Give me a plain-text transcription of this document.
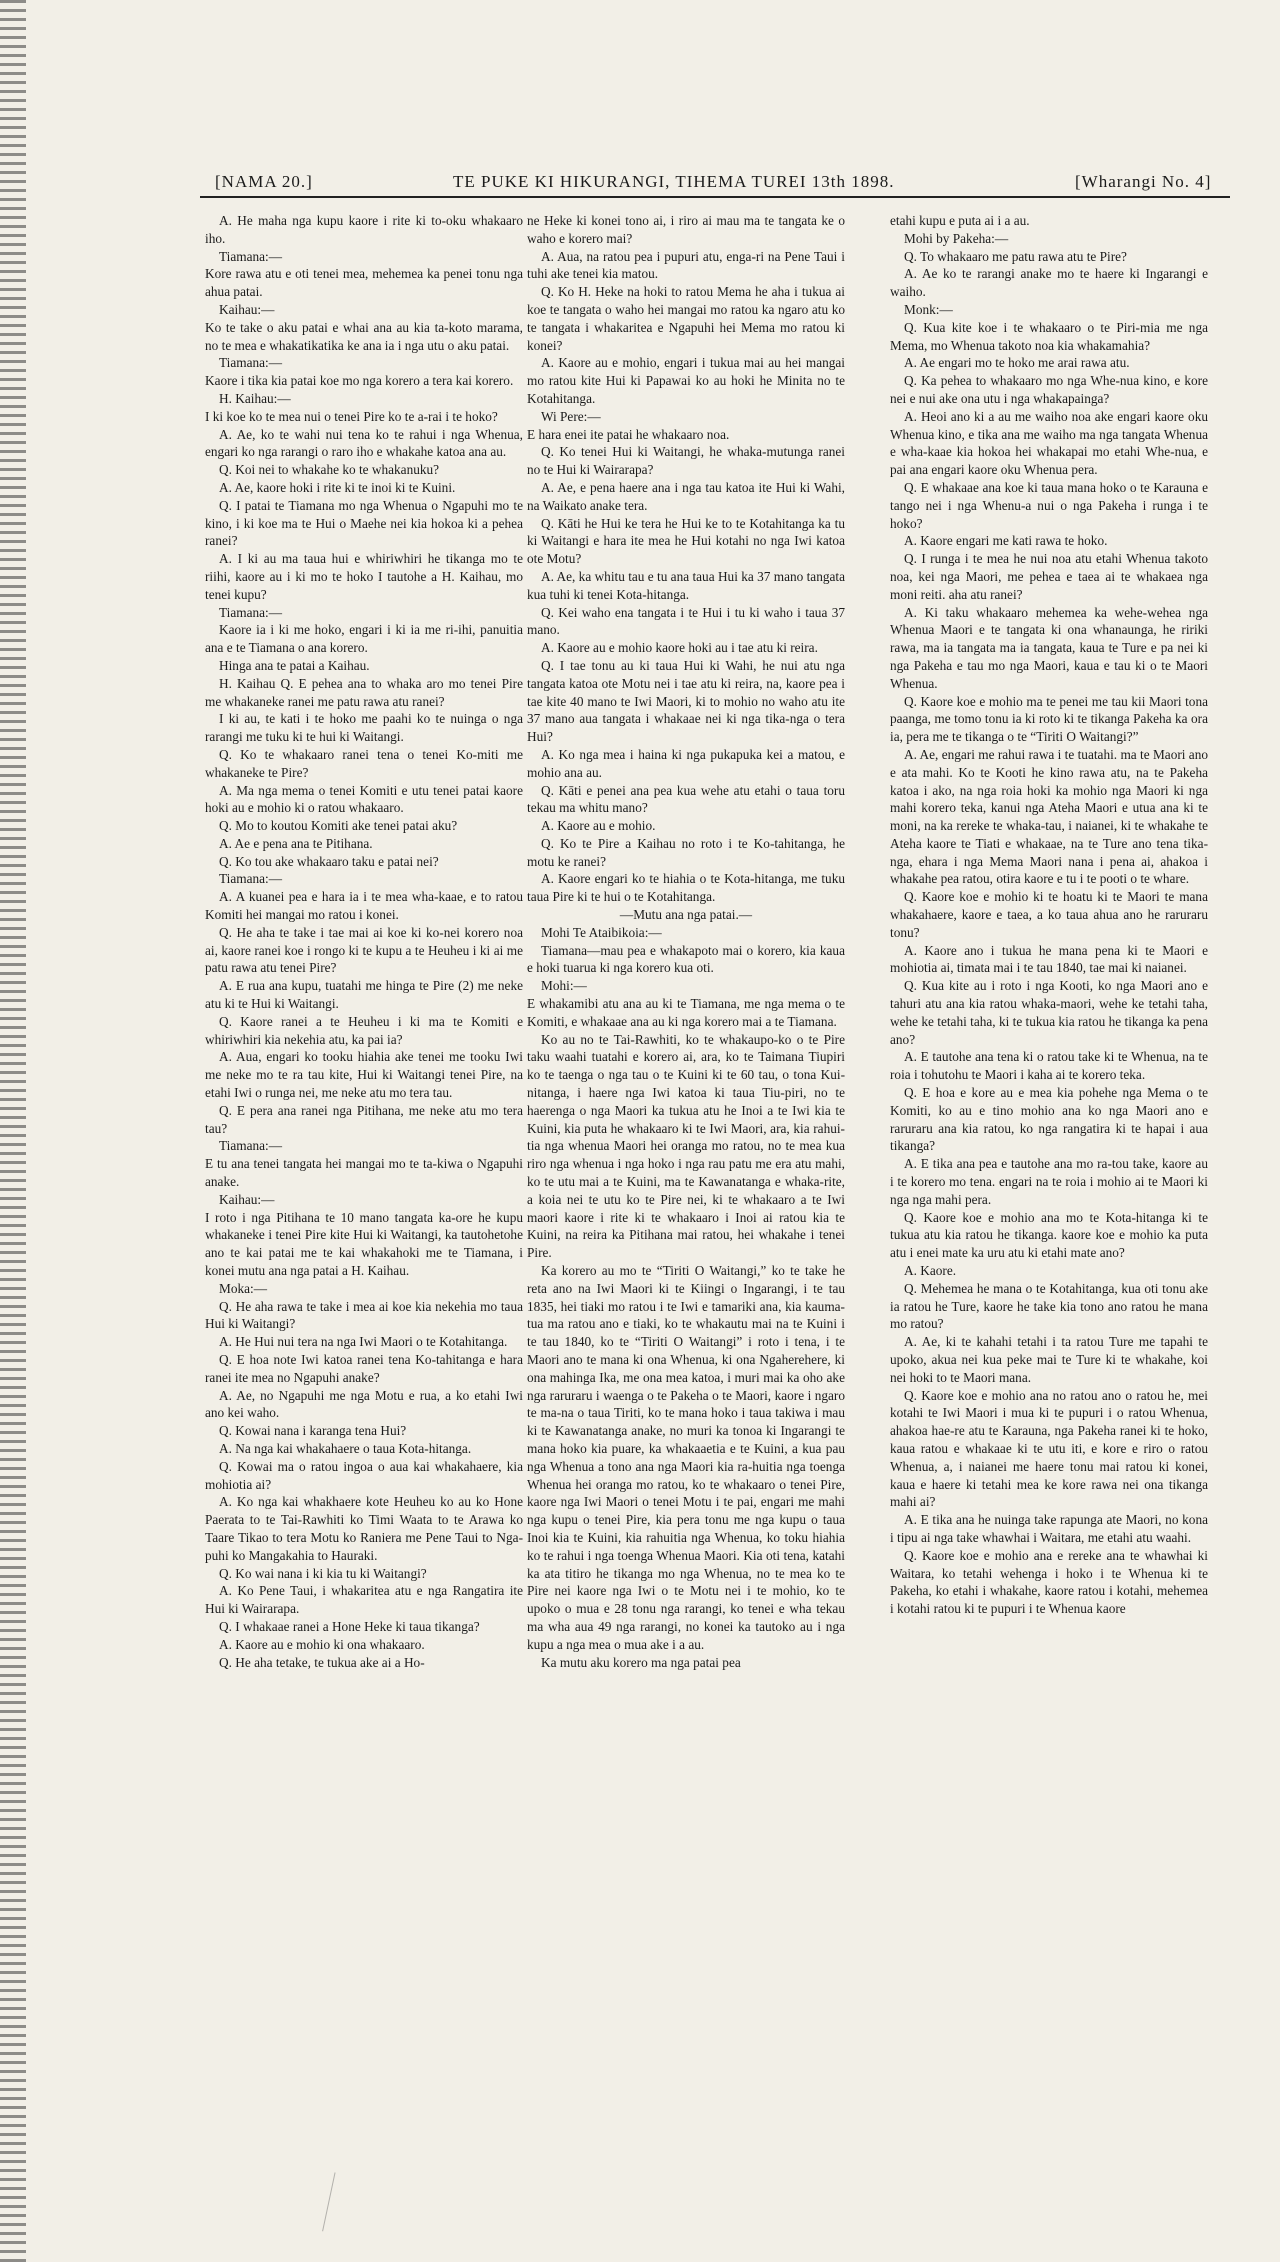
[NAMA 20.]	TE PUKE KI HIKURANGI, TIHEMA TUREI 13th 1898.	[Wharangi No. 4]

A. He maha nga kupu kaore i rite ki to-oku whakaaro iho.

Tiamana:—

Kore rawa atu e oti tenei mea, mehemea ka penei tonu nga ahua patai.

Kaihau:—

Ko te take o aku patai e whai ana au kia ta-koto marama, no te mea e whakatikatika ke ana ia i nga utu o aku patai.

Tiamana:—

Kaore i tika kia patai koe mo nga korero a tera kai korero.

H. Kaihau:—

I ki koe ko te mea nui o tenei Pire ko te a-rai i te hoko?

A. Ae, ko te wahi nui tena ko te rahui i nga Whenua, engari ko nga rarangi o raro iho e whakahe katoa ana au.

Q. Koi nei to whakahe ko te whakanuku?

A. Ae, kaore hoki i rite ki te inoi ki te Kuini.

Q. I patai te Tiamana mo nga Whenua o Ngapuhi mo te kino, i ki koe ma te Hui o Maehe nei kia hokoa ki a pehea ranei?

A. I ki au ma taua hui e whiriwhiri he tikanga mo te riihi, kaore au i ki mo te hoko I tautohe a H. Kaihau, mo tenei kupu?

Tiamana:—

Kaore ia i ki me hoko, engari i ki ia me ri-ihi, panuitia ana e te Tiamana o ana korero.

Hinga ana te patai a Kaihau.

H. Kaihau Q. E pehea ana to whaka aro mo tenei Pire me whakaneke ranei me patu rawa atu ranei?

I ki au, te kati i te hoko me paahi ko te nuinga o nga rarangi me tuku ki te hui ki Waitangi.

Q. Ko te whakaaro ranei tena o tenei Ko-miti me whakaneke te Pire?

A. Ma nga mema o tenei Komiti e utu tenei patai kaore hoki au e mohio ki o ratou whakaaro.

Q. Mo to koutou Komiti ake tenei patai aku?

A. Ae e pena ana te Pitihana.

Q. Ko tou ake whakaaro taku e patai nei?

Tiamana:—

A. A kuanei pea e hara ia i te mea wha-kaae, e to ratou Komiti hei mangai mo ratou i konei.

Q. He aha te take i tae mai ai koe ki ko-nei korero noa ai, kaore ranei koe i rongo ki te kupu a te Heuheu i ki ai me patu rawa atu tenei Pire?

A. E rua ana kupu, tuatahi me hinga te Pire (2) me neke atu ki te Hui ki Waitangi.

Q. Kaore ranei a te Heuheu i ki ma te Komiti e whiriwhiri kia nekehia atu, ka pai ia?

A. Aua, engari ko tooku hiahia ake tenei me tooku Iwi me neke mo te ra tau kite, Hui ki Waitangi tenei Pire, na etahi Iwi o runga nei, me neke atu mo tera tau.

Q. E pera ana ranei nga Pitihana, me neke atu mo tera tau?

Tiamana:—

E tu ana tenei tangata hei mangai mo te ta-kiwa o Ngapuhi anake.

Kaihau:—

I roto i nga Pitihana te 10 mano tangata ka-ore he kupu whakaneke i tenei Pire kite Hui ki Waitangi, ka tautohetohe ano te kai patai me te kai whakahoki me te Tiamana, i konei mutu ana nga patai a H. Kaihau.

Moka:—

Q. He aha rawa te take i mea ai koe kia nekehia mo taua Hui ki Waitangi?

A. He Hui nui tera na nga Iwi Maori o te Kotahitanga.

Q. E hoa note Iwi katoa ranei tena Ko-tahitanga e hara ranei ite mea no Ngapuhi anake?

A. Ae, no Ngapuhi me nga Motu e rua, a ko etahi Iwi ano kei waho.

Q. Kowai nana i karanga tena Hui?

A. Na nga kai whakahaere o taua Kota-hitanga.

Q. Kowai ma o ratou ingoa o aua kai whakahaere, kia mohiotia ai?

A. Ko nga kai whakhaere kote Heuheu ko au ko Hone Paerata to te Tai-Rawhiti ko Timi Waata to te Arawa ko Taare Tikao to tera Motu ko Raniera me Pene Taui to Nga-puhi ko Mangakahia to Hauraki.

Q. Ko wai nana i ki kia tu ki Waitangi?

A. Ko Pene Taui, i whakaritea atu e nga Rangatira ite Hui ki Wairarapa.

Q. I whakaae ranei a Hone Heke ki taua tikanga?

A. Kaore au e mohio ki ona whakaaro.

Q. He aha tetake, te tukua ake ai a Ho-

ne Heke ki konei tono ai, i riro ai mau ma te tangata ke o waho e korero mai?

A. Aua, na ratou pea i pupuri atu, enga-ri na Pene Taui i tuhi ake tenei kia matou.

Q. Ko H. Heke na hoki to ratou Mema he aha i tukua ai koe te tangata o waho hei mangai mo ratou ka ngaro atu ko te tangata i whakaritea e Ngapuhi hei Mema mo ratou ki konei?

A. Kaore au e mohio, engari i tukua mai au hei mangai mo ratou kite Hui ki Papawai ko au hoki he Minita no te Kotahitanga.

Wi Pere:—

E hara enei ite patai he whakaaro noa.

Q. Ko tenei Hui ki Waitangi, he whaka-mutunga ranei no te Hui ki Wairarapa?

A. Ae, e pena haere ana i nga tau katoa ite Hui ki Wahi, na Waikato anake tera.

Q. Kāti he Hui ke tera he Hui ke to te Kotahitanga ka tu ki Waitangi e hara ite mea he Hui kotahi no nga Iwi katoa ote Motu?

A. Ae, ka whitu tau e tu ana taua Hui ka 37 mano tangata kua tuhi ki tenei Kota-hitanga.

Q. Kei waho ena tangata i te Hui i tu ki waho i taua 37 mano.

A. Kaore au e mohio kaore hoki au i tae atu ki reira.

Q. I tae tonu au ki taua Hui ki Wahi, he nui atu nga tangata katoa ote Motu nei i tae atu ki reira, na, kaore pea i tae kite 40 mano te Iwi Maori, ki to mohio no waho atu ite 37 mano aua tangata i whakaae nei ki nga tika-nga o tera Hui?

A. Ko nga mea i haina ki nga pukapuka kei a matou, e mohio ana au.

Q. Kāti e penei ana pea kua wehe atu etahi o taua toru tekau ma whitu mano?

A. Kaore au e mohio.

Q. Ko te Pire a Kaihau no roto i te Ko-tahitanga, he motu ke ranei?

A. Kaore engari ko te hiahia o te Kota-hitanga, me tuku taua Pire ki te hui o te Kotahitanga.

—Mutu ana nga patai.—

Mohi Te Ataibikoia:—

Tiamana—mau pea e whakapoto mai o korero, kia kaua e hoki tuarua ki nga korero kua oti.

Mohi:—

E whakamibi atu ana au ki te Tiamana, me nga mema o te Komiti, e whakaae ana au ki nga korero mai a te Tiamana.

Ko au no te Tai-Rawhiti, ko te whakaupo-ko o te Pire taku waahi tuatahi e korero ai, ara, ko te Taimana Tiupiri ko te taenga o nga tau o te Kuini ki te 60 tau, o tona Kui-nitanga, i haere nga Iwi katoa ki taua Tiu-piri, no te haerenga o nga Maori ka tukua atu he Inoi a te Iwi kia te Kuini, kia puta he whakaaro ki te Iwi Maori, ara, kia rahui-tia nga whenua Maori hei oranga mo ratou, no te mea kua riro nga whenua i nga hoko i nga rau patu me era atu mahi, ko te utu mai a te Kuini, ma te Kawanatanga e whaka-rite, a koia nei te utu ko te Pire nei, ki te whakaaro a te Iwi maori kaore i rite ki te whakaaro i Inoi ai ratou kia te Kuini, na reira ka Pitihana mai ratou, hei whakahe i tenei Pire.

Ka korero au mo te “Tiriti O Waitangi,” ko te take he reta ano na Iwi Maori ki te Kiingi o Ingarangi, i te tau 1835, hei tiaki mo ratou i te Iwi e tamariki ana, kia kauma-tua ma ratou ano e tiaki, ko te whakautu mai na te Kuini i te tau 1840, ko te “Tiriti O Waitangi” i roto i tena, i te Maori ano te mana ki ona Whenua, ki ona Ngaherehere, ki ona mahinga Ika, me ona mea katoa, i muri mai ka oho ake nga raruraru i waenga o te Pakeha o te Maori, kaore i ngaro te ma-na o taua Tiriti, ko te mana hoko i taua takiwa i mau ki te Kawanatanga anake, no muri ka tonoa ki Ingarangi te mana hoko kia puare, ka whakaaetia e te Kuini, a kua pau nga Whenua a tono ana nga Maori kia ra-huitia nga toenga Whenua hei oranga mo ratou, ko te whakaaro o tenei Pire, kaore nga Iwi Maori o tenei Motu i te pai, engari me mahi nga kupu o tenei Pire, kia pera tonu me nga kupu o taua Inoi kia te Kuini, kia rahuitia nga Whenua, ko toku hiahia ko te rahui i nga toenga Whenua Maori. Kia oti tena, katahi ka ata titiro he tikanga mo nga Whenua, no te mea ko te Pire nei kaore nga Iwi o te Motu nei i te mohio, ko te upoko o mua e 28 tonu nga rarangi, ko tenei e wha tekau ma wha aua 49 nga rarangi, no konei ka tautoko au i nga kupu a nga mea o mua ake i a au.

Ka mutu aku korero ma nga patai pea

etahi kupu e puta ai i a au.

Mohi by Pakeha:—

Q. To whakaaro me patu rawa atu te Pire?

A. Ae ko te rarangi anake mo te haere ki Ingarangi e waiho.

Monk:—

Q. Kua kite koe i te whakaaro o te Piri-mia me nga Mema, mo Whenua takoto noa kia whakamahia?

A. Ae engari mo te hoko me arai rawa atu.

Q. Ka pehea to whakaaro mo nga Whe-nua kino, e kore nei e nui ake ona utu i nga whakapainga?

A. Heoi ano ki a au me waiho noa ake engari kaore oku Whenua kino, e tika ana me waiho ma nga tangata Whenua e wha-kaae kia hokoa hei whakapai mo etahi Whe-nua, e pai ana engari kaore oku Whenua pera.

Q. E whakaae ana koe ki taua mana hoko o te Karauna e tango nei i nga Whenu-a nui o nga Pakeha i runga i te hoko?

A. Kaore engari me kati rawa te hoko.

Q. I runga i te mea he nui noa atu etahi Whenua takoto noa, kei nga Maori, me pehea e taea ai te whakaea nga moni reiti. aha atu ranei?

A. Ki taku whakaaro mehemea ka wehe-wehea nga Whenua Maori e te tangata ki ona whanaunga, he ririki rawa, ma ia tangata ma ia tangata, kaua te Ture e pa nei ki nga Pakeha e tau mo nga Maori, kaua e tau ki o te Maori Whenua.

Q. Kaore koe e mohio ma te penei me tau kii Maori tona paanga, me tomo tonu ia ki roto ki te tikanga Pakeha ka ora ia, pera me te tikanga o te “Tiriti O Waitangi?”

A. Ae, engari me rahui rawa i te tuatahi. ma te Maori ano e ata mahi. Ko te Kooti he kino rawa atu, na te Pakeha katoa i ako, na nga roia hoki ka mohio nga Maori ki nga mahi korero teka, kanui nga Ateha Maori e utua ana ki te moni, na ka rereke te whaka-tau, i naianei, ki te whakahe te Ateha kaore te Tiati e whakaae, na te Ture ano tena tika-nga, ehara i nga Mema Maori nana i pena ai, ahakoa i whakahe pea ratou, otira kaore e tu i te pooti o te whare.

Q. Kaore koe e mohio ki te hoatu ki te Maori te mana whakahaere, kaore e taea, a ko taua ahua ano he raruraru tonu?

A. Kaore ano i tukua he mana pena ki te Maori e mohiotia ai, timata mai i te tau 1840, tae mai ki naianei.

Q. Kua kite au i roto i nga Kooti, ko nga Maori ano e tahuri atu ana kia ratou whaka-maori, wehe ke tetahi taha, wehe ke tetahi taha, ki te tukua kia ratou he tikanga ka pena ano?

A. E tautohe ana tena ki o ratou take ki te Whenua, na te roia i tohutohu te Maori i kaha ai te korero teka.

Q. E hoa e kore au e mea kia pohehe nga Mema o te Komiti, ko au e tino mohio ana ko nga Maori ano e raruraru ana kia ratou, ko nga rangatira ki te hapai i aua tikanga?

A. E tika ana pea e tautohe ana mo ra-tou take, kaore au i te korero mo tena. engari na te roia i mohio ai te Maori ki nga nga mahi pera.

Q. Kaore koe e mohio ana mo te Kota-hitanga ki te tukua atu kia ratou he tikanga. kaore koe e mohio ka puta atu i enei mate ka uru atu ki etahi mate ano?

A. Kaore.

Q. Mehemea he mana o te Kotahitanga, kua oti tonu ake ia ratou he Ture, kaore he take kia tono ano ratou he mana mo ratou?

A. Ae, ki te kahahi tetahi i ta ratou Ture me tapahi te upoko, akua nei kua peke mai te Ture ki te whakahe, koi nei hoki to te Maori mana.

Q. Kaore koe e mohio ana no ratou ano o ratou he, mei kotahi te Iwi Maori i mua ki te pupuri i o ratou Whenua, ahakoa hae-re atu te Karauna, nga Pakeha ranei ki te hoko, kaua ratou e whakaae ki te utu iti, e kore e riro o ratou Whenua, a, i naianei me haere tonu mai ratou ki konei, kaua e haere ki tetahi mea ke kore rawa nei ona tikanga mahi ai?

A. E tika ana he nuinga take rapunga ate Maori, no kona i tipu ai nga take whawhai i Waitara, me etahi atu waahi.

Q. Kaore koe e mohio ana e rereke ana te whawhai ki Waitara, ko tetahi wehenga i hoko i te Whenua ki te Pakeha, ko etahi i whakahe, kaore ratou i kotahi, mehemea i kotahi ratou ki te pupuri i te Whenua kaore
